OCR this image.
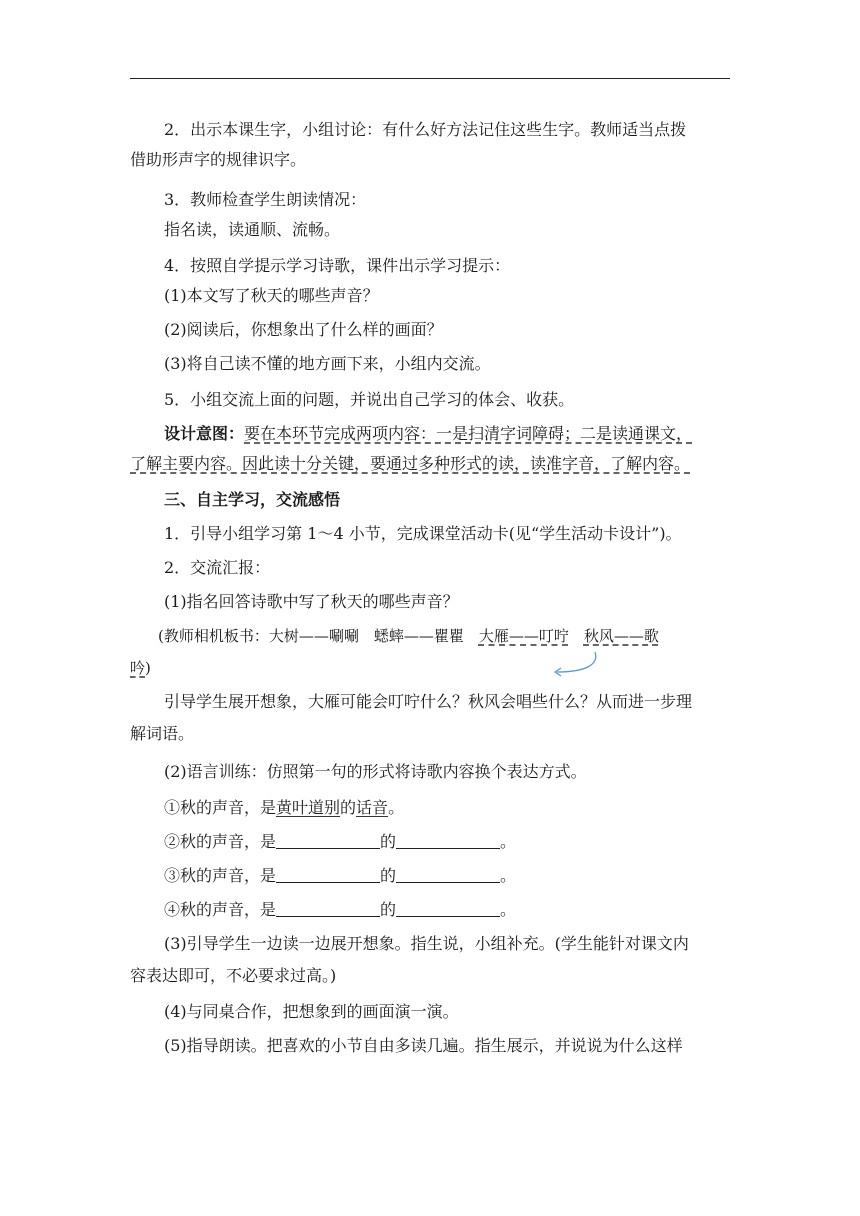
2．出示本课生字，小组讨论：有什么好方法记住这些生字。教师适当点拨
借助形声字的规律识字。
3．教师检查学生朗读情况：
指名读，读通顺、流畅。
4．按照自学提示学习诗歌，课件出示学习提示：
(1)本文写了秋天的哪些声音？
(2)阅读后，你想象出了什么样的画面？
(3)将自己读不懂的地方画下来，小组内交流。
5．小组交流上面的问题，并说出自己学习的体会、收获。
设计意图：要在本环节完成两项内容：一是扫清字词障碍；二是读通课文，
了解主要内容。因此读十分关键，要通过多种形式的读，读准字音，了解内容。
三、自主学习，交流感悟
1．引导小组学习第 1～4 小节，完成课堂活动卡(见“学生活动卡设计”)。
2．交流汇报：
(1)指名回答诗歌中写了秋天的哪些声音？
(教师相机板书：大树——唰唰　蟋蟀——瞿瞿　大雁——叮咛　 秋风——歌
吟)
引导学生展开想象，大雁可能会叮咛什么？秋风会唱些什么？从而进一步理
解词语。
(2)语言训练：仿照第一句的形式将诗歌内容换个表达方式。
①秋的声音，是黄叶道别的话音。
②秋的声音，是	的	。
③秋的声音，是	的	。
④秋的声音，是	的	。
(3)引导学生一边读一边展开想象。指生说，小组补充。(学生能针对课文内
容表达即可，不必要求过高。)
(4)与同桌合作，把想象到的画面演一演。
(5)指导朗读。把喜欢的小节自由多读几遍。指生展示，并说说为什么这样
